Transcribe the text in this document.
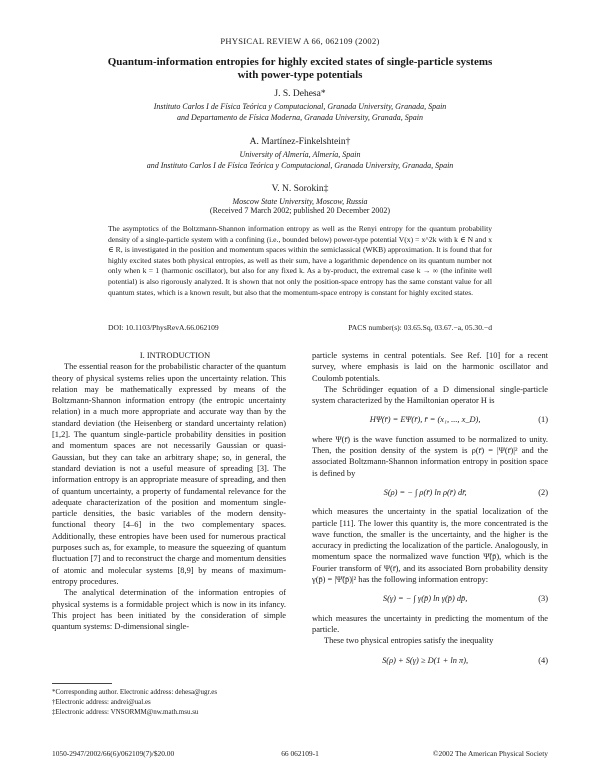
PHYSICAL REVIEW A 66, 062109 (2002)
Quantum-information entropies for highly excited states of single-particle systems
with power-type potentials
J. S. Dehesa*
Instituto Carlos I de Física Teórica y Computacional, Granada University, Granada, Spain
and Departamento de Física Moderna, Granada University, Granada, Spain
A. Martínez-Finkelshtein†
University of Almería, Almería, Spain
and Instituto Carlos I de Física Teórica y Computacional, Granada University, Granada, Spain
V. N. Sorokin‡
Moscow State University, Moscow, Russia
(Received 7 March 2002; published 20 December 2002)
The asymptotics of the Boltzmann-Shannon information entropy as well as the Renyi entropy for the quantum probability density of a single-particle system with a confining (i.e., bounded below) power-type potential V(x) = x^2k with k ∈ N and x ∈ R, is investigated in the position and momentum spaces within the semiclassical (WKB) approximation. It is found that for highly excited states both physical entropies, as well as their sum, have a logarithmic dependence on its quantum number not only when k = 1 (harmonic oscillator), but also for any fixed k. As a by-product, the extremal case k → ∞ (the infinite well potential) is also rigorously analyzed. It is shown that not only the position-space entropy has the same constant value for all quantum states, which is a known result, but also that the momentum-space entropy is constant for highly excited states.
DOI: 10.1103/PhysRevA.66.062109	PACS number(s): 03.65.Sq, 03.67.−a, 05.30.−d

I. INTRODUCTION

The essential reason for the probabilistic character of the quantum theory of physical systems relies upon the uncertainty relation. This relation may be mathematically expressed by means of the Boltzmann-Shannon information entropy (the entropic uncertainty relation) in a much more appropriate and accurate way than by the standard deviation (the Heisenberg or standard uncertainty relation) [1,2]. The quantum single-particle probability densities in position and momentum spaces are not necessarily Gaussian or quasi-Gaussian, but they can take an arbitrary shape; so, in general, the standard deviation is not a useful measure of spreading [3]. The information entropy is an appropriate measure of spreading, and then of quantum uncertainty, a property of fundamental relevance for the adequate characterization of the position and momentum single-particle densities, the basic variables of the modern density-functional theory [4–6] in the two complementary spaces. Additionally, these entropies have been used for numerous practical purposes such as, for example, to measure the squeezing of quantum fluctuation [7] and to reconstruct the charge and momentum densities of atomic and molecular systems [8,9] by means of maximum-entropy procedures.

The analytical determination of the information entropies of physical systems is a formidable project which is now in its infancy. This project has been initiated by the consideration of simple quantum systems: D-dimensional single-

*Corresponding author. Electronic address: dehesa@ugr.es
†Electronic address: andrei@ual.es
‡Electronic address: VNSORMM@nw.math.msu.su

particle systems in central potentials. See Ref. [10] for a recent survey, where emphasis is laid on the harmonic oscillator and Coulomb potentials.

The Schrödinger equation of a D dimensional single-particle system characterized by the Hamiltonian operator H is

HΨ(r̄) = EΨ(r̄), r̄ = (x₁, ..., x_D),	(1)

where Ψ(r̄) is the wave function assumed to be normalized to unity. Then, the position density of the system is ρ(r̄) = |Ψ(r̄)|² and the associated Boltzmann-Shannon information entropy in position space is defined by

S(ρ) = − ∫ ρ(r̄) ln ρ(r̄) dr̄,	(2)

which measures the uncertainty in the spatial localization of the particle [11]. The lower this quantity is, the more concentrated is the wave function, the smaller is the uncertainty, and the higher is the accuracy in predicting the localization of the particle. Analogously, in momentum space the normalized wave function Ψ̃(p̄), which is the Fourier transform of Ψ(r̄), and its associated Born probability density γ(p̄) = |Ψ̃(p̄)|² has the following information entropy:

S(γ) = − ∫ γ(p̄) ln γ(p̄) dp̄,	(3)

which measures the uncertainty in predicting the momentum of the particle.

These two physical entropies satisfy the inequality

S(ρ) + S(γ) ≥ D(1 + ln π),	(4)
1050-2947/2002/66(6)/062109(7)/$20.00	66 062109-1	©2002 The American Physical Society
